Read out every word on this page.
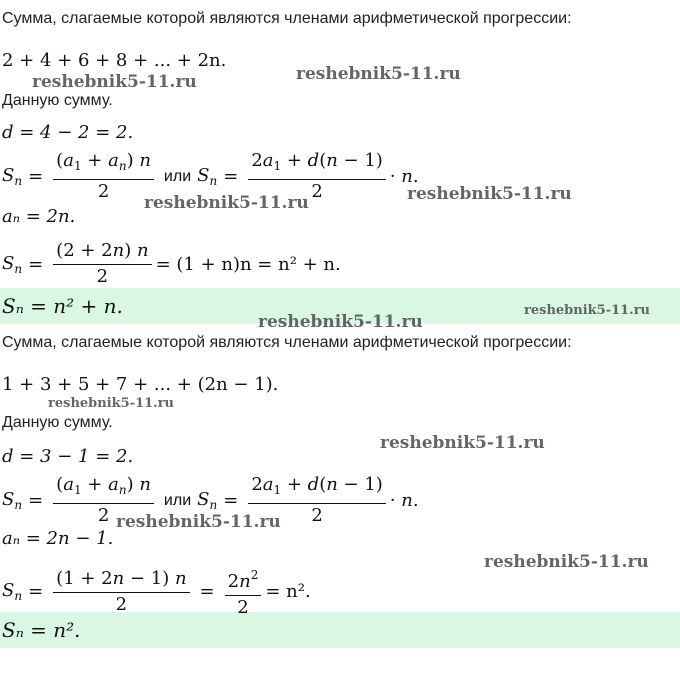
Сумма, слагаемые которой являются членами арифметической прогрессии:
2 + 4 + 6 + 8 + ... + 2n.
Данную сумму.
d = 4 − 2 = 2.
$S_n = \frac{(a_1 + a_n) n}{2}$ или $S_n = \frac{2a_1 + d(n - 1)}{2} \cdot n$.
aₙ = 2n.
$S_n = \frac{(2 + 2n) n}{2} = (1 + n)n = n^2 + n$.
Sₙ = n² + n.
Сумма, слагаемые которой являются членами арифметической прогрессии:
1 + 3 + 5 + 7 + ... + (2n − 1).
Данную сумму.
d = 3 − 1 = 2.
$S_n = \frac{(a_1 + a_n) n}{2}$ или $S_n = \frac{2a_1 + d(n - 1)}{2} \cdot n$.
aₙ = 2n − 1.
$S_n = \frac{(1 + 2n - 1) n}{2} = \frac{2n^2}{2} = n^2$.
Sₙ = n².
reshebnik5-11.ru	reshebnik5-11.ru
reshebnik5-11.ru	reshebnik5-11.ru
reshebnik5-11.ru
reshebnik5-11.ru
reshebnik5-11.ru
reshebnik5-11.ru
reshebnik5-11.ru
reshebnik5-11.ru
